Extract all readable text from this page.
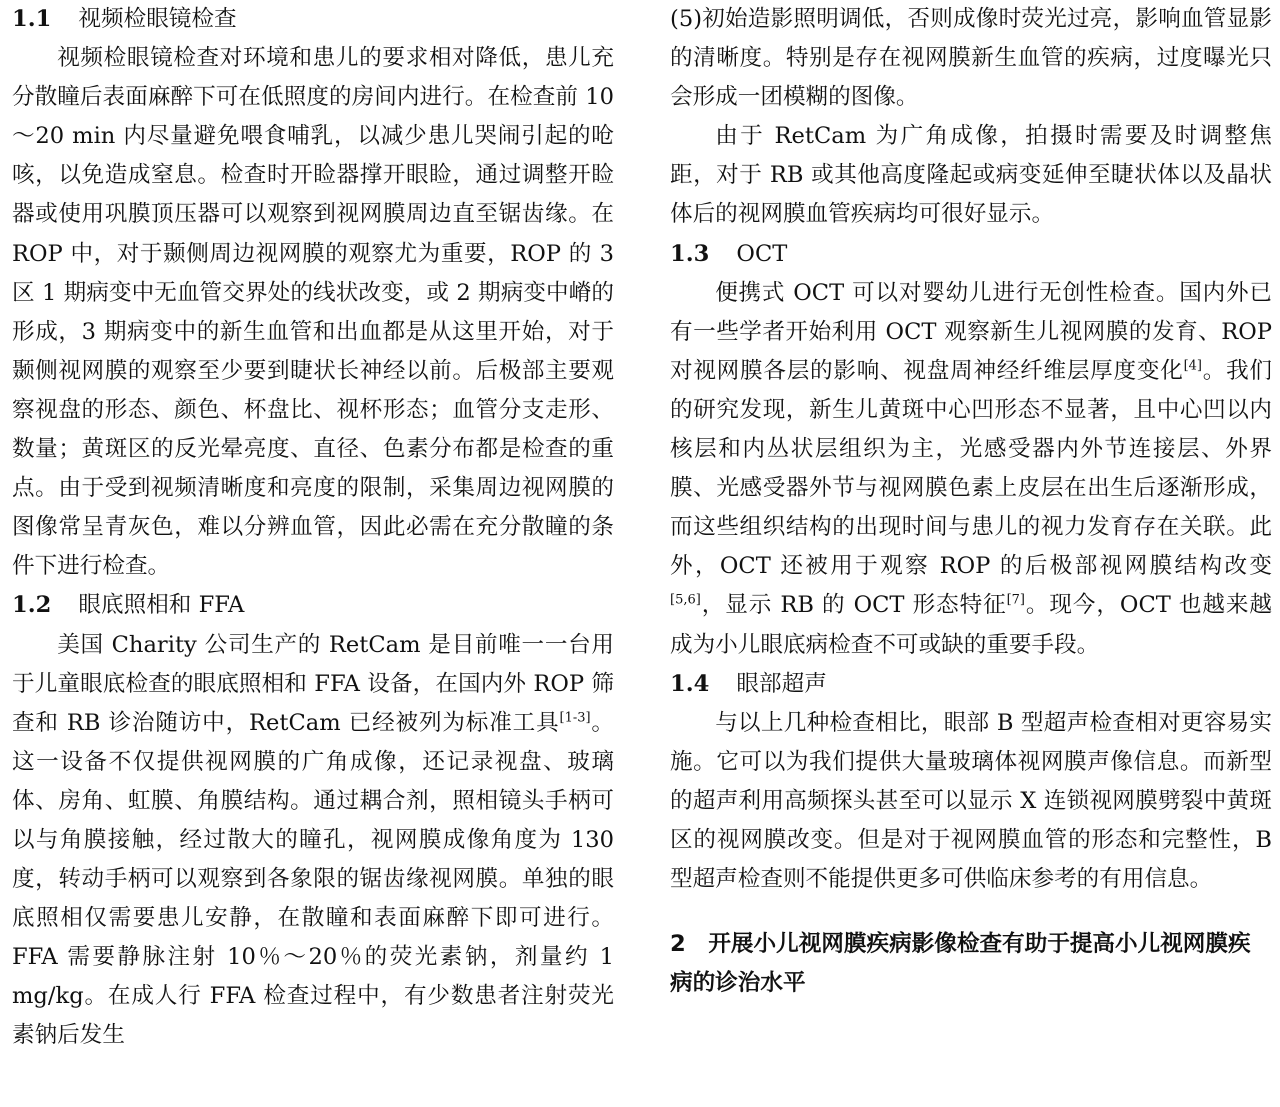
1.1 视频检眼镜检查

视频检眼镜检查对环境和患儿的要求相对降低，患儿充分散瞳后表面麻醉下可在低照度的房间内进行。在检查前 10～20 min 内尽量避免喂食哺乳，以减少患儿哭闹引起的呛咳，以免造成窒息。检查时开睑器撑开眼睑，通过调整开睑器或使用巩膜顶压器可以观察到视网膜周边直至锯齿缘。在 ROP 中，对于颞侧周边视网膜的观察尤为重要，ROP 的 3 区 1 期病变中无血管交界处的线状改变，或 2 期病变中嵴的形成，3 期病变中的新生血管和出血都是从这里开始，对于颞侧视网膜的观察至少要到睫状长神经以前。后极部主要观察视盘的形态、颜色、杯盘比、视杯形态；血管分支走形、数量；黄斑区的反光晕亮度、直径、色素分布都是检查的重点。由于受到视频清晰度和亮度的限制，采集周边视网膜的图像常呈青灰色，难以分辨血管，因此必需在充分散瞳的条件下进行检查。

1.2 眼底照相和 FFA

美国 Charity 公司生产的 RetCam 是目前唯一一台用于儿童眼底检查的眼底照相和 FFA 设备，在国内外 ROP 筛查和 RB 诊治随访中，RetCam 已经被列为标准工具[1-3]。这一设备不仅提供视网膜的广角成像，还记录视盘、玻璃体、房角、虹膜、角膜结构。通过耦合剂，照相镜头手柄可以与角膜接触，经过散大的瞳孔，视网膜成像角度为 130 度，转动手柄可以观察到各象限的锯齿缘视网膜。单独的眼底照相仅需要患儿安静，在散瞳和表面麻醉下即可进行。FFA 需要静脉注射 10％～20％的荧光素钠，剂量约 1 mg/kg。在成人行 FFA 检查过程中，有少数患者注射荧光素钠后发生

(5)初始造影照明调低，否则成像时荧光过亮，影响血管显影的清晰度。特别是存在视网膜新生血管的疾病，过度曝光只会形成一团模糊的图像。

由于 RetCam 为广角成像，拍摄时需要及时调整焦距，对于 RB 或其他高度隆起或病变延伸至睫状体以及晶状体后的视网膜血管疾病均可很好显示。

1.3 OCT

便携式 OCT 可以对婴幼儿进行无创性检查。国内外已有一些学者开始利用 OCT 观察新生儿视网膜的发育、ROP 对视网膜各层的影响、视盘周神经纤维层厚度变化[4]。我们的研究发现，新生儿黄斑中心凹形态不显著，且中心凹以内核层和内丛状层组织为主，光感受器内外节连接层、外界膜、光感受器外节与视网膜色素上皮层在出生后逐渐形成，而这些组织结构的出现时间与患儿的视力发育存在关联。此外，OCT 还被用于观察 ROP 的后极部视网膜结构改变[5,6]，显示 RB 的 OCT 形态特征[7]。现今，OCT 也越来越成为小儿眼底病检查不可或缺的重要手段。

1.4 眼部超声

与以上几种检查相比，眼部 B 型超声检查相对更容易实施。它可以为我们提供大量玻璃体视网膜声像信息。而新型的超声利用高频探头甚至可以显示 X 连锁视网膜劈裂中黄斑区的视网膜改变。但是对于视网膜血管的形态和完整性，B 型超声检查则不能提供更多可供临床参考的有用信息。

2 开展小儿视网膜疾病影像检查有助于提高小儿视网膜疾病的诊治水平
